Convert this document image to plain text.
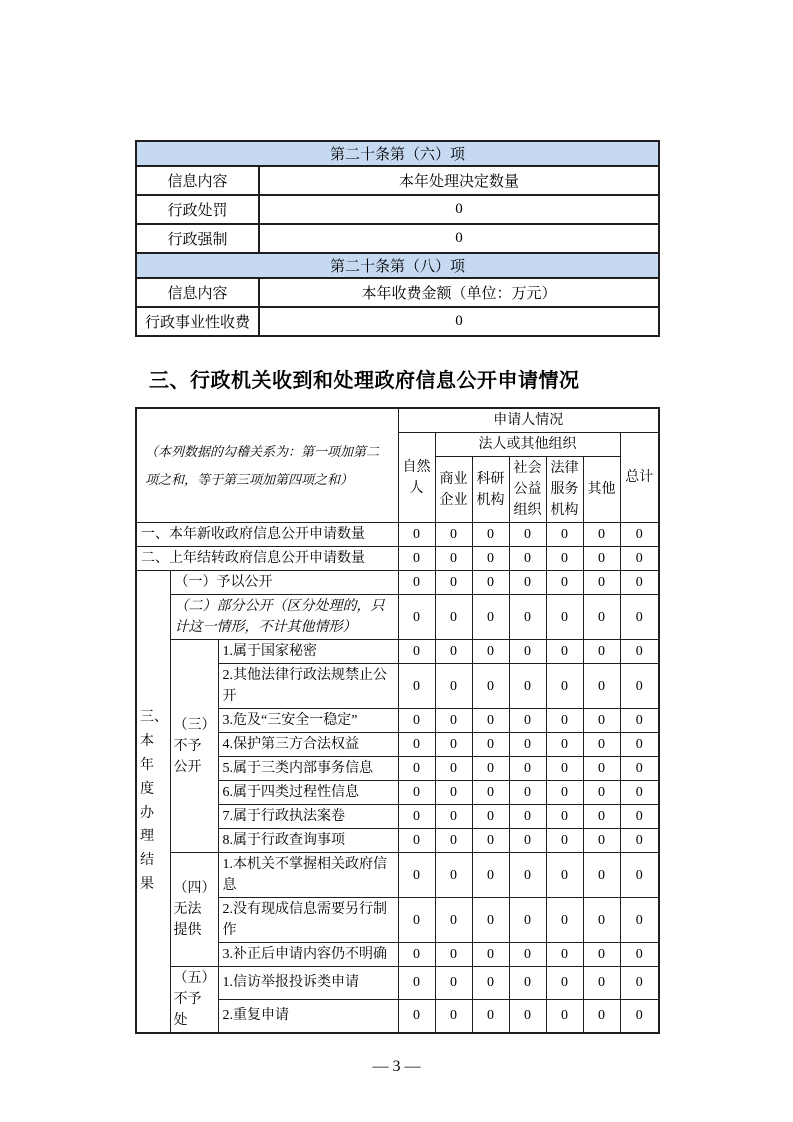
第二十条第（六）项	
信息内容	本年处理决定数量
行政处罚	0
行政强制	0
第二十条第（八）项	
信息内容	本年收费金额（单位：万元）
行政事业性收费	0
三、行政机关收到和处理政府信息公开申请情况
（本列数据的勾稽关系为：第一项加第二项之和，等于第三项加第四项之和）			申请人情况						
			自然人	法人或其他组织					总计
				商业企业	科研机构	社会公益组织	法律服务机构	其他	
一、本年新收政府信息公开申请数量			0	0	0	0	0	0	0
二、上年结转政府信息公开申请数量			0	0	0	0	0	0	0
三、本年度办理结果	（一）予以公开		0	0	0	0	0	0	0
	（二）部分公开（区分处理的，只计这一情形，不计其他情形）		0	0	0	0	0	0	0
	（三）不予公开	1.属于国家秘密	0	0	0	0	0	0	0
		2.其他法律行政法规禁止公开	0	0	0	0	0	0	0
		3.危及“三安全一稳定”	0	0	0	0	0	0	0
		4.保护第三方合法权益	0	0	0	0	0	0	0
		5.属于三类内部事务信息	0	0	0	0	0	0	0
		6.属于四类过程性信息	0	0	0	0	0	0	0
		7.属于行政执法案卷	0	0	0	0	0	0	0
		8.属于行政查询事项	0	0	0	0	0	0	0
	（四）无法提供	1.本机关不掌握相关政府信息	0	0	0	0	0	0	0
		2.没有现成信息需要另行制作	0	0	0	0	0	0	0
		3.补正后申请内容仍不明确	0	0	0	0	0	0	0
	（五）不予处	1.信访举报投诉类申请	0	0	0	0	0	0	0
		2.重复申请	0	0	0	0	0	0	0
— 3 —
